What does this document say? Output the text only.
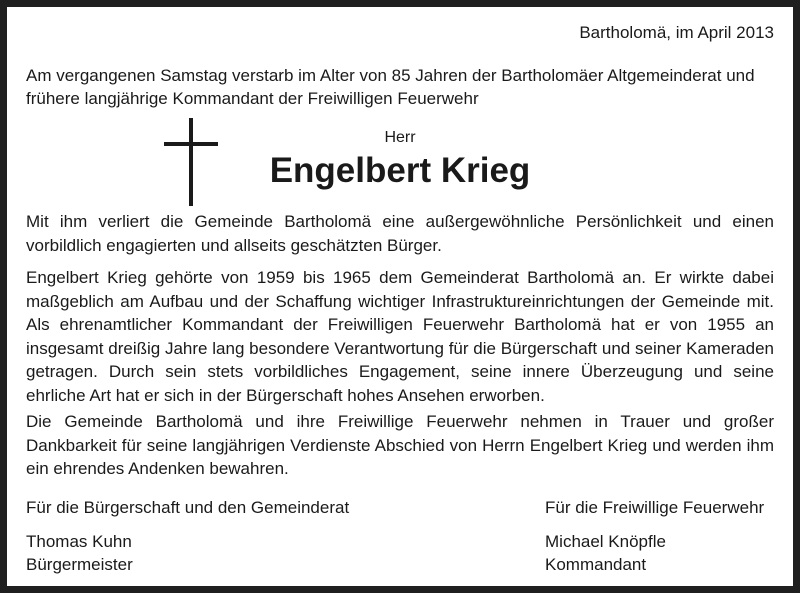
Bartholomä, im April 2013
Am vergangenen Samstag verstarb im Alter von 85 Jahren der Bartholomäer Altgemeinderat und frühere langjährige Kommandant der Freiwilligen Feuerwehr
Herr
Engelbert Krieg

Mit ihm verliert die Gemeinde Bartholomä eine außergewöhnliche Persönlichkeit und einen vorbildlich engagierten und allseits geschätzten Bürger.

Engelbert Krieg gehörte von 1959 bis 1965 dem Gemeinderat Bartholomä an. Er wirkte dabei maßgeblich am Aufbau und der Schaffung wichtiger Infrastruktureinrichtungen der Gemeinde mit. Als ehrenamtlicher Kommandant der Freiwilligen Feuerwehr Bartholomä hat er von 1955 an insgesamt dreißig Jahre lang besondere Verantwortung für die Bürgerschaft und seiner Kameraden getragen. Durch sein stets vorbildliches Engagement, seine innere Überzeugung und seine ehrliche Art hat er sich in der Bürgerschaft hohes Ansehen erworben.

Die Gemeinde Bartholomä und ihre Freiwillige Feuerwehr nehmen in Trauer und großer Dankbarkeit für seine langjährigen Verdienste Abschied von Herrn Engelbert Krieg und werden ihm ein ehrendes Andenken bewahren.

Für die Bürgerschaft und den Gemeinderat
Thomas Kuhn
Bürgermeister
Für die Freiwillige Feuerwehr
Michael Knöpfle
Kommandant
